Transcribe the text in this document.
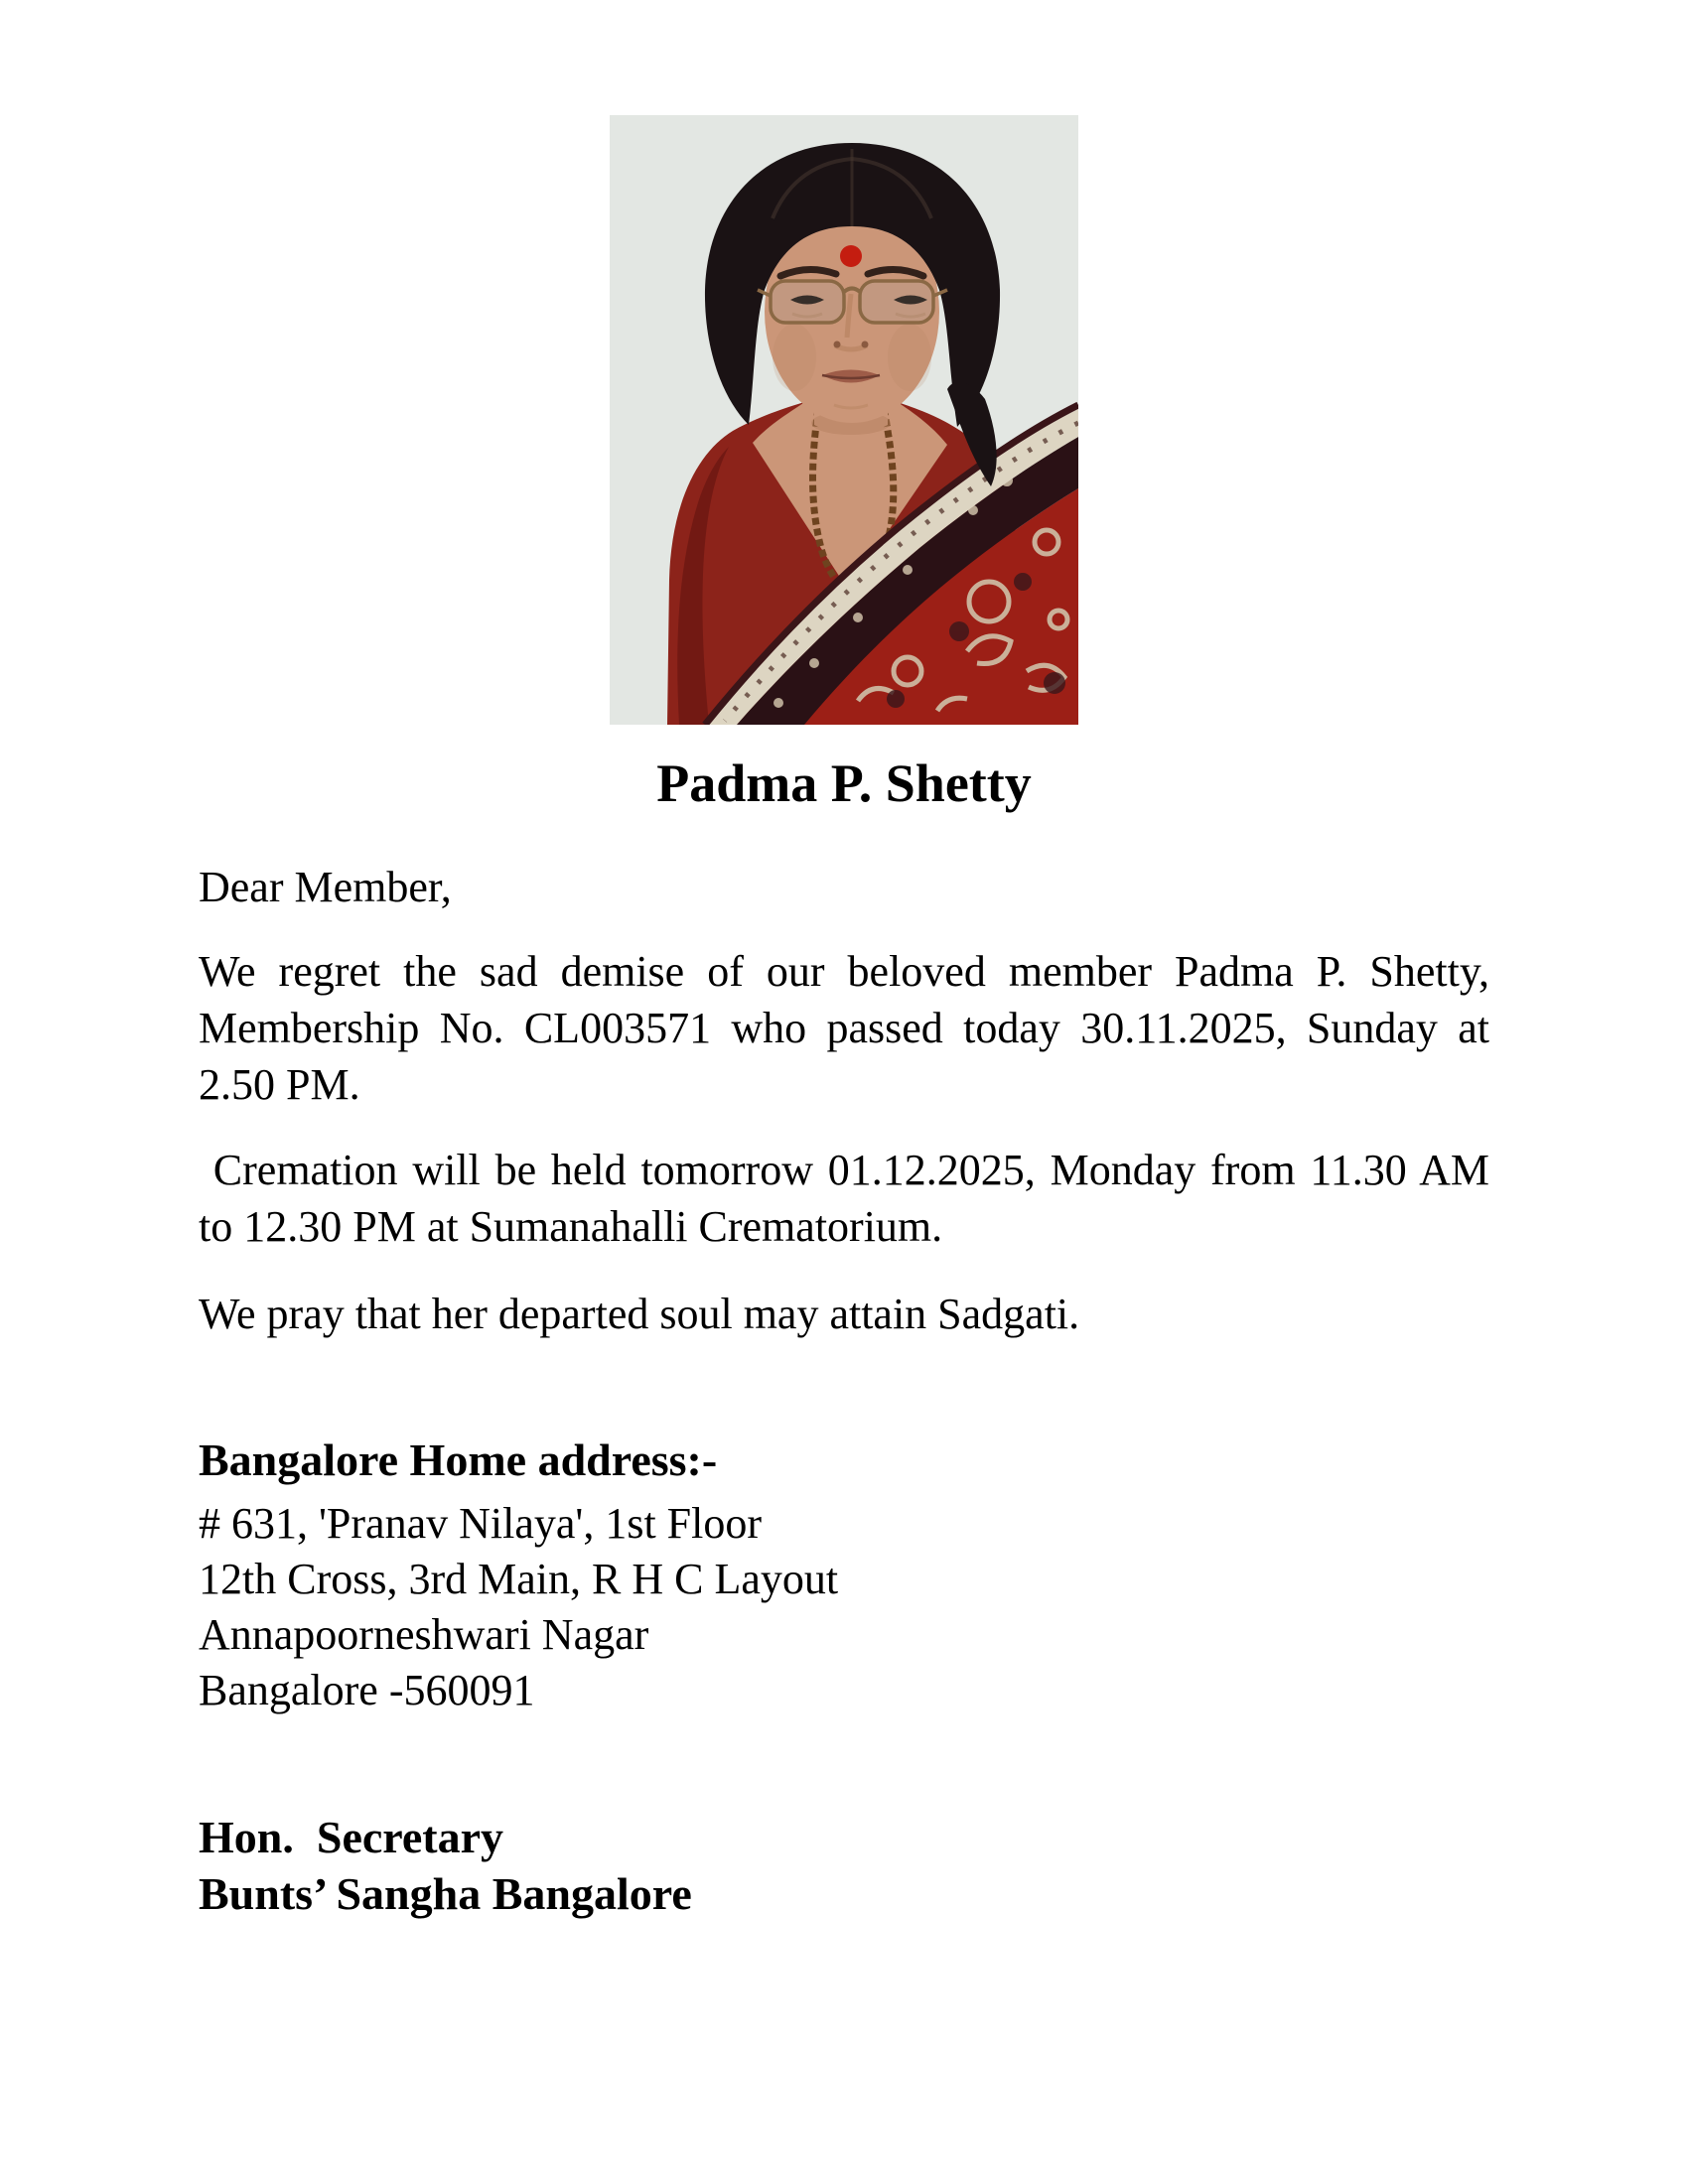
Padma P. Shetty
Dear Member,
We regret the sad demise of our beloved member Padma P. Shetty,
Membership No. CL003571 who passed today 30.11.2025, Sunday at
2.50 PM.
Cremation will be held tomorrow 01.12.2025, Monday from 11.30 AM
to 12.30 PM at Sumanahalli Crematorium.
We pray that her departed soul may attain Sadgati.
Bangalore Home address:-
# 631, 'Pranav Nilaya', 1st Floor
12th Cross, 3rd Main, R H C Layout
Annapoorneshwari Nagar
Bangalore -560091
Hon.  Secretary
Bunts’ Sangha Bangalore
